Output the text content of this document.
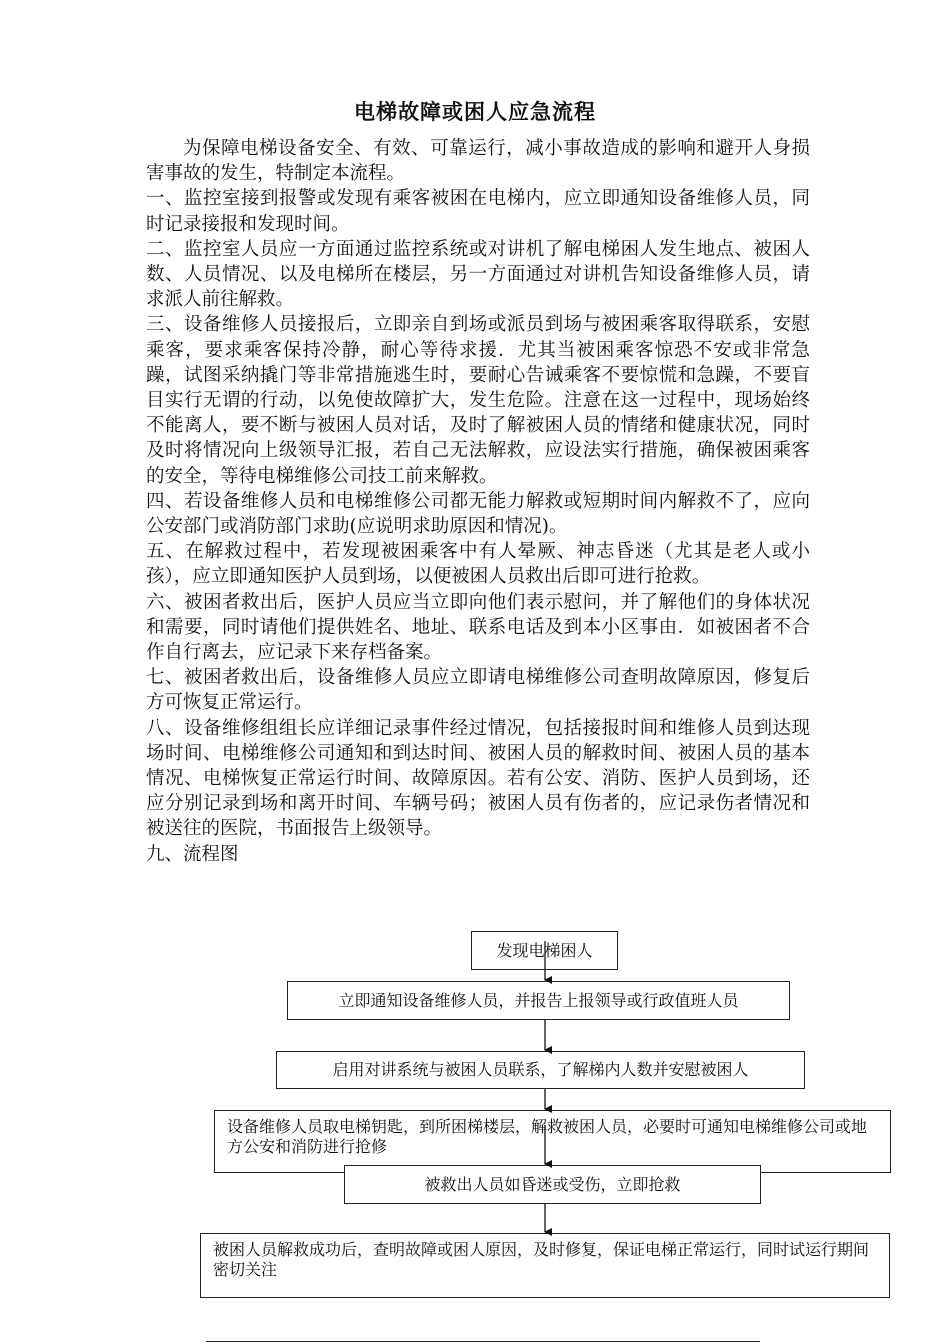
电梯故障或困人应急流程

为保障电梯设备安全、有效、可靠运行，减小事故造成的影响和避开人身损害事故的发生，特制定本流程。

一、监控室接到报警或发现有乘客被困在电梯内，应立即通知设备维修人员，同时记录接报和发现时间。

二、监控室人员应一方面通过监控系统或对讲机了解电梯困人发生地点、被困人数、人员情况、以及电梯所在楼层，另一方面通过对讲机告知设备维修人员，请求派人前往解救。

三、设备维修人员接报后，立即亲自到场或派员到场与被困乘客取得联系，安慰乘客，要求乘客保持冷静，耐心等待求援．尤其当被困乘客惊恐不安或非常急躁，试图采纳撬门等非常措施逃生时，要耐心告诫乘客不要惊慌和急躁，不要盲目实行无谓的行动，以免使故障扩大，发生危险。注意在这一过程中，现场始终不能离人，要不断与被困人员对话，及时了解被困人员的情绪和健康状况，同时及时将情况向上级领导汇报，若自己无法解救，应设法实行措施，确保被困乘客的安全，等待电梯维修公司技工前来解救。

四、若设备维修人员和电梯维修公司都无能力解救或短期时间内解救不了，应向公安部门或消防部门求助(应说明求助原因和情况)。

五、在解救过程中，若发现被困乘客中有人晕厥、神志昏迷（尤其是老人或小孩），应立即通知医护人员到场，以便被困人员救出后即可进行抢救。

六、被困者救出后，医护人员应当立即向他们表示慰问，并了解他们的身体状况和需要，同时请他们提供姓名、地址、联系电话及到本小区事由．如被困者不合作自行离去，应记录下来存档备案。

七、被困者救出后，设备维修人员应立即请电梯维修公司查明故障原因，修复后方可恢复正常运行。

八、设备维修组组长应详细记录事件经过情况，包括接报时间和维修人员到达现场时间、电梯维修公司通知和到达时间、被困人员的解救时间、被困人员的基本情况、电梯恢复正常运行时间、故障原因。若有公安、消防、医护人员到场，还应分别记录到场和离开时间、车辆号码；被困人员有伤者的，应记录伤者情况和被送往的医院，书面报告上级领导。

九、流程图

发现电梯困人
立即通知设备维修人员，并报告上报领导或行政值班人员
启用对讲系统与被困人员联系，了解梯内人数并安慰被困人
设备维修人员取电梯钥匙，到所困梯楼层，解救被困人员，必要时可通知电梯维修公司或地方公安和消防进行抢修
被救出人员如昏迷或受伤，立即抢救
被困人员解救成功后，查明故障或困人原因，及时修复，保证电梯正常运行，同时试运行期间密切关注
